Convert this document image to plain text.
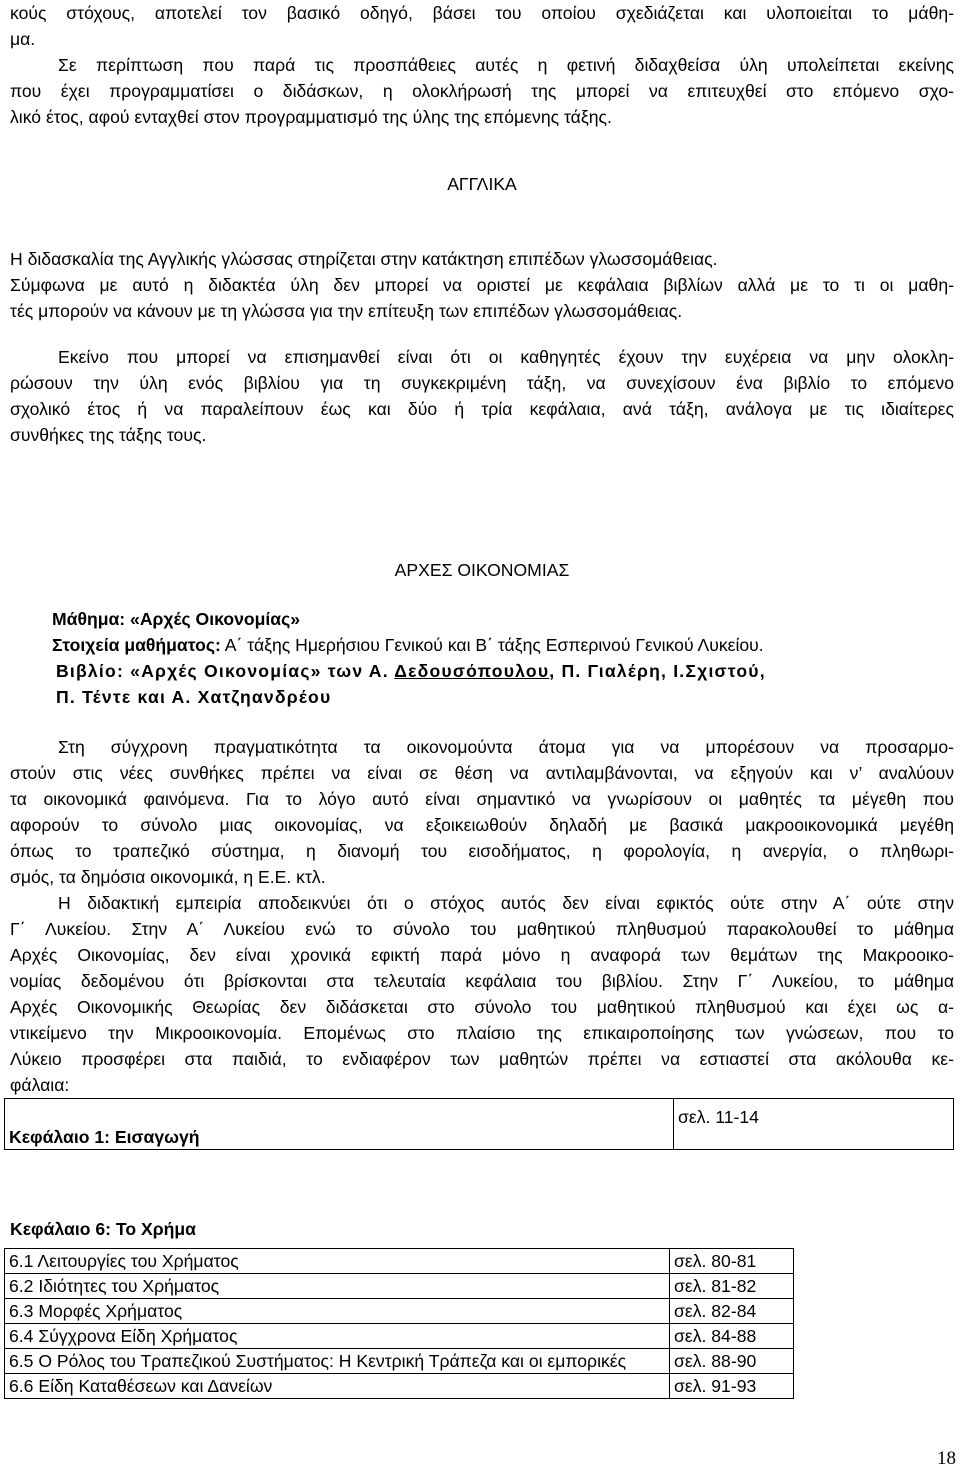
κούς στόχους, αποτελεί τον βασικό οδηγό, βάσει του οποίου σχεδιάζεται και υλοποιείται το μάθη-
μα.
Σε περίπτωση που παρά τις προσπάθειες αυτές η φετινή διδαχθείσα ύλη υπολείπεται εκείνης
που έχει προγραμματίσει ο διδάσκων, η ολοκλήρωσή της μπορεί να επιτευχθεί στο επόμενο σχο-
λικό έτος, αφού ενταχθεί στον προγραμματισμό της ύλης της επόμενης τάξης.
ΑΓΓΛΙΚΑ
Η διδασκαλία της Αγγλικής γλώσσας στηρίζεται στην κατάκτηση επιπέδων γλωσσομάθειας.
Σύμφωνα με αυτό η διδακτέα ύλη δεν μπορεί να οριστεί με κεφάλαια βιβλίων αλλά με το τι οι μαθη-
τές μπορούν να κάνουν με τη γλώσσα για την επίτευξη των επιπέδων γλωσσομάθειας.
Εκείνο που μπορεί να επισημανθεί είναι ότι οι καθηγητές έχουν την ευχέρεια να μην ολοκλη-
ρώσουν την ύλη ενός βιβλίου για τη συγκεκριμένη τάξη, να συνεχίσουν ένα βιβλίο το επόμενο
σχολικό έτος ή να παραλείπουν έως και δύο ή τρία κεφάλαια, ανά τάξη, ανάλογα με τις ιδιαίτερες
συνθήκες της τάξης τους.
ΑΡΧΕΣ ΟΙΚΟΝΟΜΙΑΣ
Μάθημα: «Αρχές Οικονομίας»
Στοιχεία μαθήματος: Α΄ τάξης Ημερήσιου Γενικού και Β΄ τάξης Εσπερινού Γενικού Λυκείου.
Βιβλίο: «Αρχές Οικονομίας» των Α. Δεδουσόπουλου, Π. Γιαλέρη, Ι.Σχιστού,
Π. Τέντε και Α. Χατζηανδρέου
Στη σύγχρονη πραγματικότητα τα οικονομούντα άτομα για να μπορέσουν να προσαρμο-
στούν στις νέες συνθήκες πρέπει να είναι σε θέση να αντιλαμβάνονται, να εξηγούν και ν’ αναλύουν
τα οικονομικά φαινόμενα. Για το λόγο αυτό είναι σημαντικό να γνωρίσουν οι μαθητές τα μέγεθη που
αφορούν το σύνολο μιας οικονομίας, να εξοικειωθούν δηλαδή με βασικά μακροοικονομικά μεγέθη
όπως το τραπεζικό σύστημα, η διανομή του εισοδήματος, η φορολογία, η ανεργία, ο πληθωρι-
σμός, τα δημόσια οικονομικά, η Ε.Ε. κτλ.
Η διδακτική εμπειρία αποδεικνύει ότι ο στόχος αυτός δεν είναι εφικτός ούτε στην Α΄ ούτε στην
Γ΄ Λυκείου. Στην Α΄ Λυκείου ενώ το σύνολο του μαθητικού πληθυσμού παρακολουθεί το μάθημα
Αρχές Οικονομίας, δεν είναι χρονικά εφικτή παρά μόνο η αναφορά των θεμάτων της Μακροοικο-
νομίας δεδομένου ότι βρίσκονται στα τελευταία κεφάλαια του βιβλίου. Στην Γ΄ Λυκείου, το μάθημα
Αρχές Οικονομικής Θεωρίας δεν διδάσκεται στο σύνολο του μαθητικού πληθυσμού και έχει ως α-
ντικείμενο την Μικροοικονομία. Επομένως στο πλαίσιο της επικαιροποίησης των γνώσεων, που το
Λύκειο προσφέρει στα παιδιά, το ενδιαφέρον των μαθητών πρέπει να εστιαστεί στα ακόλουθα κε-
φάλαια:
Κεφάλαιο 1: Εισαγωγή	σελ. 11-14
Κεφάλαιο 6: Το Χρήμα
6.1 Λειτουργίες του Χρήματος	σελ. 80-81
6.2 Ιδιότητες του Χρήματος	σελ. 81-82
6.3 Μορφές Χρήματος	σελ. 82-84
6.4 Σύγχρονα Είδη Χρήματος	σελ. 84-88
6.5 Ο Ρόλος του Τραπεζικού Συστήματος: Η Κεντρική Τράπεζα και οι εμπορικές	σελ. 88-90
6.6 Είδη Καταθέσεων και Δανείων	σελ. 91-93
18
